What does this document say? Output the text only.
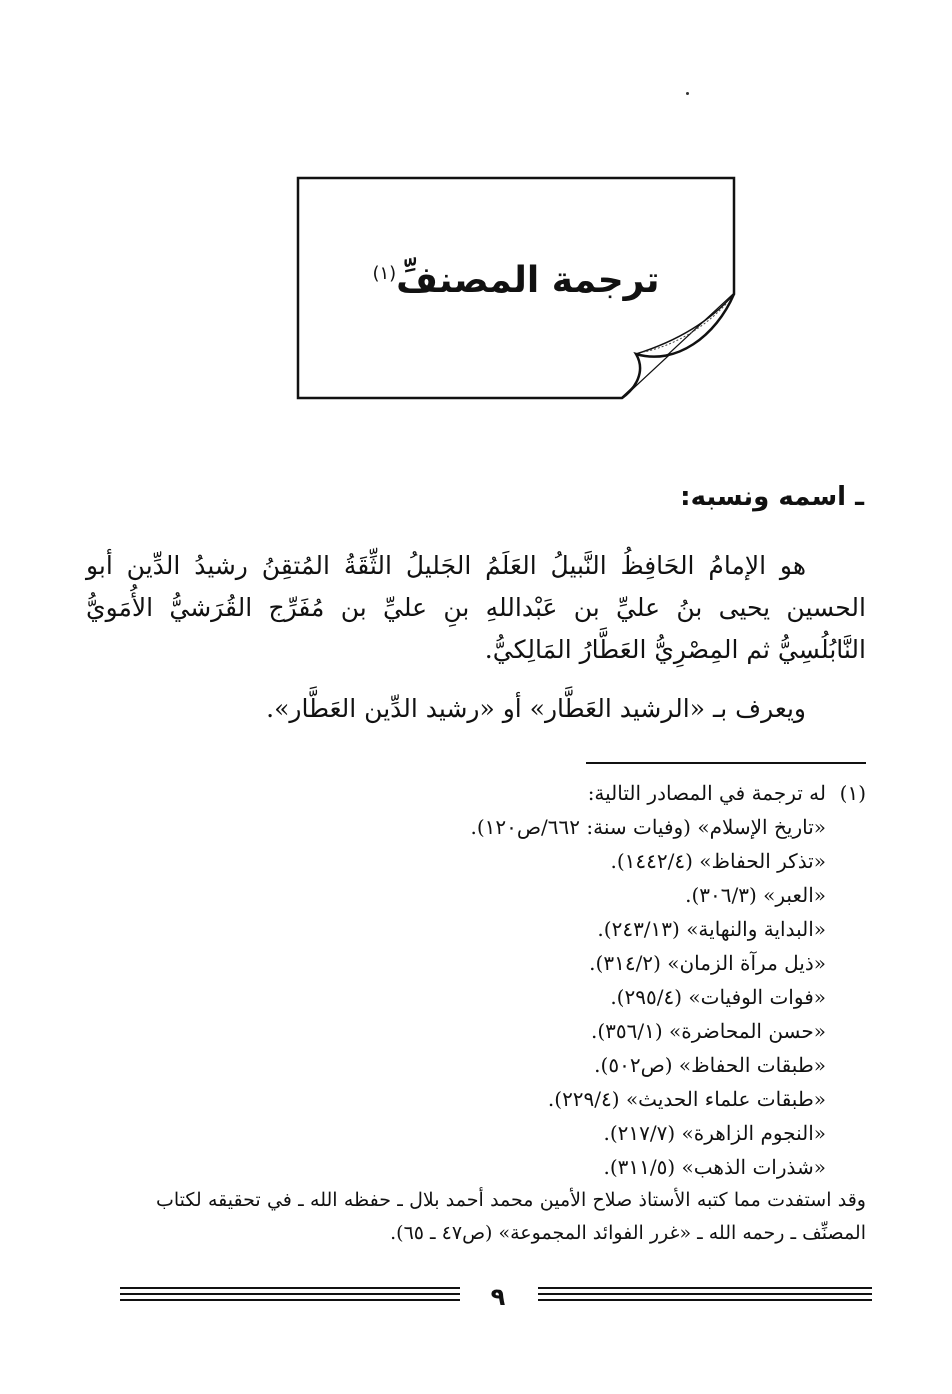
ترجمة المصنفِّ$^{(١)}$
ـ اسمه ونسبه:
هو الإمامُ الحَافِظُ النَّبيلُ العَلَمُ الجَليلُ الثِّقَةُ المُتقِنُ رشيدُ الدِّين أبو الحسين يحيى بنُ عليِّ بن عَبْداللهِ بنِ عليِّ بن مُفَرِّج القُرَشيُّ الأُمَويُّ النَّابُلُسِيُّ ثم المِصْرِيُّ العَطَّارُ المَالِكيُّ.
ويعرف بـ «الرشيد العَطَّار» أو «رشيد الدِّين العَطَّار».
(١)له ترجمة في المصادر التالية:
«تاريخ الإسلام» (وفيات سنة: ٦٦٢/ص١٢٠).
«تذكر الحفاظ» (١٤٤٢/٤).
«العبر» (٣٠٦/٣).
«البداية والنهاية» (٢٤٣/١٣).
«ذيل مرآة الزمان» (٣١٤/٢).
«فوات الوفيات» (٢٩٥/٤).
«حسن المحاضرة» (٣٥٦/١).
«طبقات الحفاظ» (ص٥٠٢).
«طبقات علماء الحديث» (٢٢٩/٤).
«النجوم الزاهرة» (٢١٧/٧).
«شذرات الذهب» (٣١١/٥).
وقد استفدت مما كتبه الأستاذ صلاح الأمين محمد أحمد بلال ـ حفظه الله ـ في تحقيقه لكتاب المصنِّف ـ رحمه الله ـ «غرر الفوائد المجموعة» (ص٤٧ ـ ٦٥).
٩
